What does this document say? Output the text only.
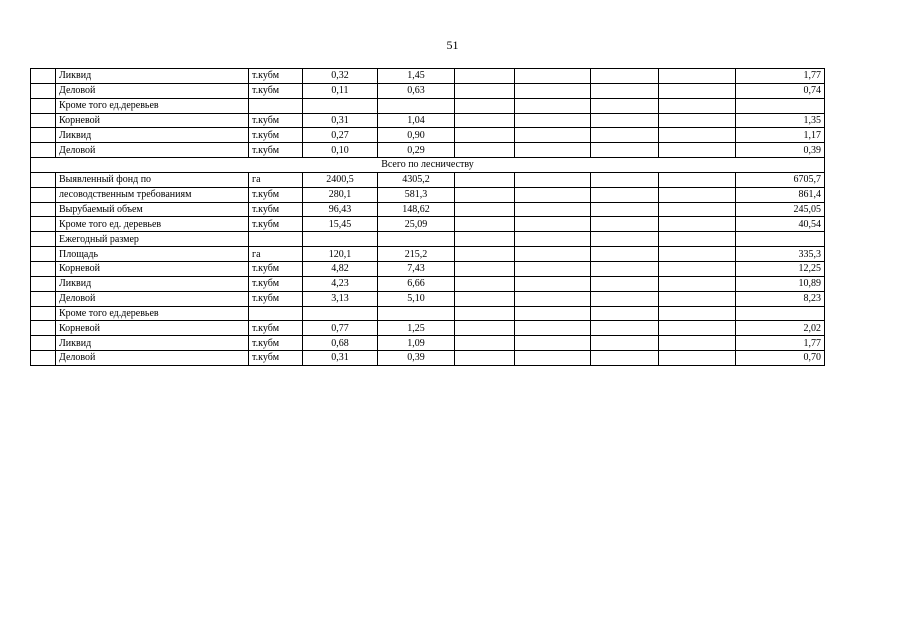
51
	Ликвид	т.кубм	0,32	1,45					1,77
	Деловой	т.кубм	0,11	0,63					0,74
	Кроме того ед.деревьев								
	Корневой	т.кубм	0,31	1,04					1,35
	Ликвид	т.кубм	0,27	0,90					1,17
	Деловой	т.кубм	0,10	0,29					0,39
Всего по лесничеству									
	Выявленный фонд по	га	2400,5	4305,2					6705,7
	лесоводственным требованиям	т.кубм	280,1	581,3					861,4
	Вырубаемый объем	т.кубм	96,43	148,62					245,05
	Кроме того ед. деревьев	т.кубм	15,45	25,09					40,54
	Ежегодный размер								
	Площадь	га	120,1	215,2					335,3
	Корневой	т.кубм	4,82	7,43					12,25
	Ликвид	т.кубм	4,23	6,66					10,89
	Деловой	т.кубм	3,13	5,10					8,23
	Кроме того ед.деревьев								
	Корневой	т.кубм	0,77	1,25					2,02
	Ликвид	т.кубм	0,68	1,09					1,77
	Деловой	т.кубм	0,31	0,39					0,70
